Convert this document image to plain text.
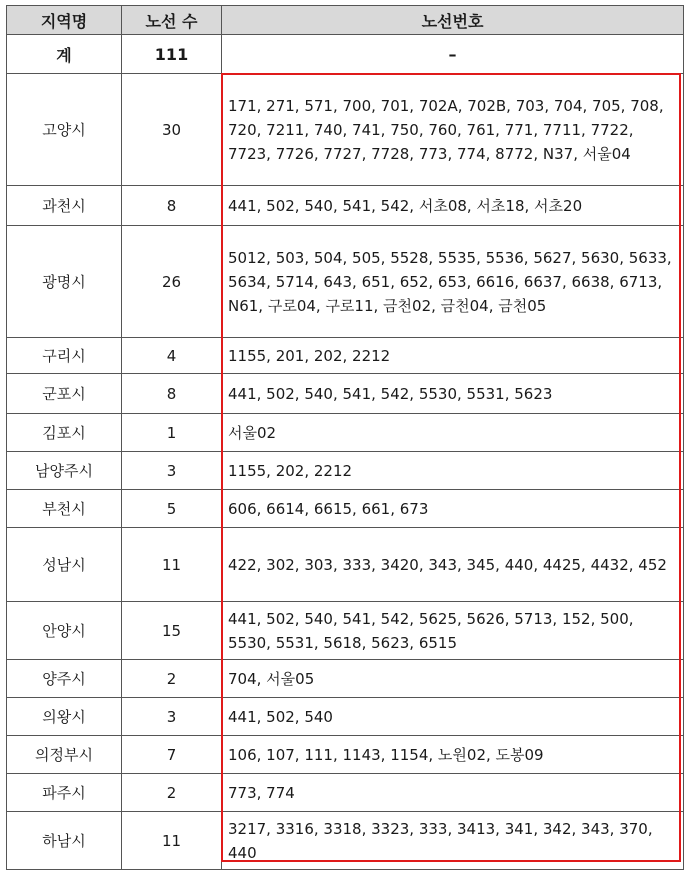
지역명	노선 수	노선번호
계	111	–
고양시	30	171, 271, 571, 700, 701, 702A, 702B, 703, 704, 705, 708, 720, 7211, 740, 741, 750, 760, 761, 771, 7711, 7722, 7723, 7726, 7727, 7728, 773, 774, 8772, N37, 서울04
과천시	8	441, 502, 540, 541, 542, 서초08, 서초18, 서초20
광명시	26	5012, 503, 504, 505, 5528, 5535, 5536, 5627, 5630, 5633, 5634, 5714, 643, 651, 652, 653, 6616, 6637, 6638, 6713, N61, 구로04, 구로11, 금천02, 금천04, 금천05
구리시	4	1155, 201, 202, 2212
군포시	8	441, 502, 540, 541, 542, 5530, 5531, 5623
김포시	1	서울02
남양주시	3	1155, 202, 2212
부천시	5	606, 6614, 6615, 661, 673
성남시	11	422, 302, 303, 333, 3420, 343, 345, 440, 4425, 4432, 452
안양시	15	441, 502, 540, 541, 542, 5625, 5626, 5713, 152, 500, 5530, 5531, 5618, 5623, 6515
양주시	2	704, 서울05
의왕시	3	441, 502, 540
의정부시	7	106, 107, 111, 1143, 1154, 노원02, 도봉09
파주시	2	773, 774
하남시	11	3217, 3316, 3318, 3323, 333, 3413, 341, 342, 343, 370, 440
